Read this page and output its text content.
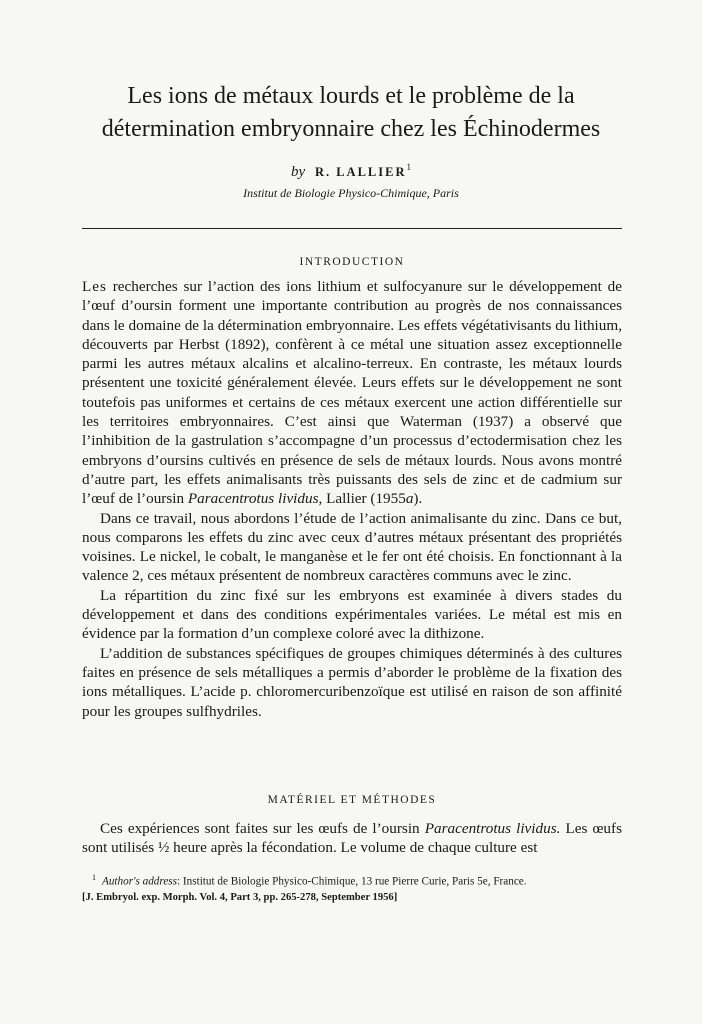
Les ions de métaux lourds et le problème de la
détermination embryonnaire chez les Échinodermes
by R. LALLIER$^1$
Institut de Biologie Physico-Chimique, Paris
INTRODUCTION

Les recherches sur l’action des ions lithium et sulfocyanure sur le développement de l’œuf d’oursin forment une importante contribution au progrès de nos connaissances dans le domaine de la détermination embryonnaire. Les effets végétativisants du lithium, découverts par Herbst (1892), confèrent à ce métal une situation assez exceptionnelle parmi les autres métaux alcalins et alcalino-terreux. En contraste, les métaux lourds présentent une toxicité généralement élevée. Leurs effets sur le développement ne sont toutefois pas uniformes et certains de ces métaux exercent une action différentielle sur les territoires embryonnaires. C’est ainsi que Waterman (1937) a observé que l’inhibition de la gastrulation s’accompagne d’un processus d’ectodermisation chez les embryons d’oursins cultivés en présence de sels de métaux lourds. Nous avons montré d’autre part, les effets animalisants très puissants des sels de zinc et de cadmium sur l’œuf de l’oursin Paracentrotus lividus, Lallier (1955a).

Dans ce travail, nous abordons l’étude de l’action animalisante du zinc. Dans ce but, nous comparons les effets du zinc avec ceux d’autres métaux présentant des propriétés voisines. Le nickel, le cobalt, le manganèse et le fer ont été choisis. En fonctionnant à la valence 2, ces métaux présentent de nombreux caractères communs avec le zinc.

La répartition du zinc fixé sur les embryons est examinée à divers stades du développement et dans des conditions expérimentales variées. Le métal est mis en évidence par la formation d’un complexe coloré avec la dithizone.

L’addition de substances spécifiques de groupes chimiques déterminés à des cultures faites en présence de sels métalliques a permis d’aborder le problème de la fixation des ions métalliques. L’acide p. chloromercuribenzoïque est utilisé en raison de son affinité pour les groupes sulfhydriles.

MATÉRIEL ET MÉTHODES

Ces expériences sont faites sur les œufs de l’oursin Paracentrotus lividus. Les œufs sont utilisés ½ heure après la fécondation. Le volume de chaque culture est

$^1$ Author's address: Institut de Biologie Physico-Chimique, 13 rue Pierre Curie, Paris 5e, France.
[J. Embryol. exp. Morph. Vol. 4, Part 3, pp. 265-278, September 1956]
